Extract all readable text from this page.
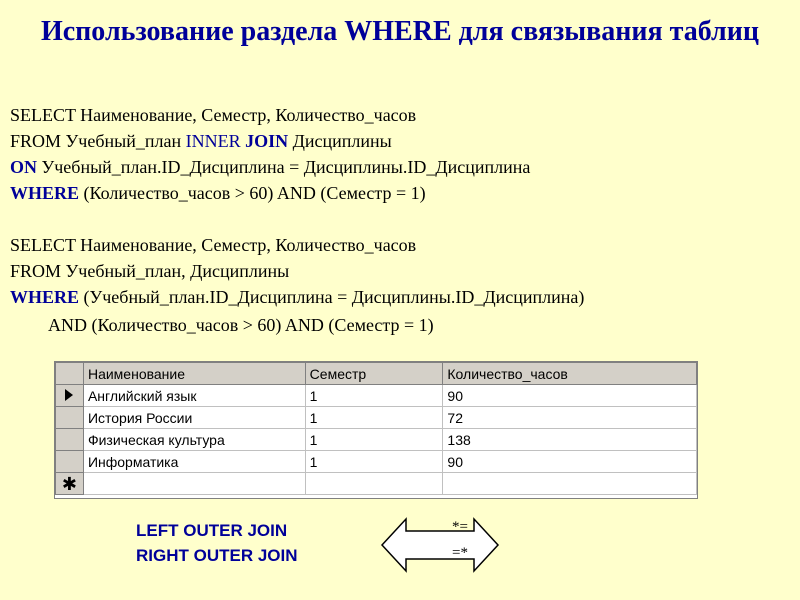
Использование раздела WHERE для связывания таблиц
SELECT Наименование, Семестр, Количество_часов
FROM Учебный_план INNER JOIN Дисциплины
ON Учебный_план.ID_Дисциплина = Дисциплины.ID_Дисциплина
WHERE (Количество_часов > 60) AND (Семестр = 1)
SELECT Наименование, Семестр, Количество_часов
FROM Учебный_план, Дисциплины
WHERE (Учебный_план.ID_Дисциплина = Дисциплины.ID_Дисциплина)
AND (Количество_часов > 60) AND (Семестр = 1)
	Наименование	Семестр	Количество_часов
	Английский язык	1	90
	История России	1	72
	Физическая культура	1	138
	Информатика	1	90
✱			
LEFT OUTER JOIN
RIGHT OUTER JOIN
*=
=*
